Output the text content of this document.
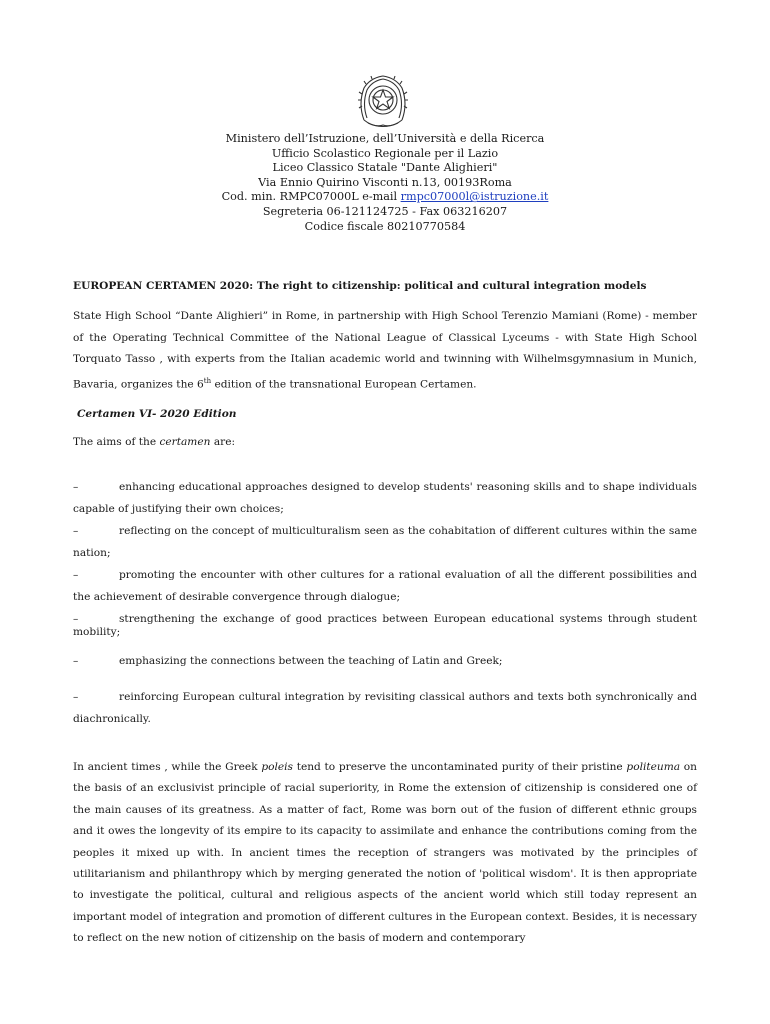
Ministero dell’Istruzione, dell’Università e della Ricerca
Ufficio Scolastico Regionale per il Lazio
Liceo Classico Statale "Dante Alighieri"
Via Ennio Quirino Visconti n.13, 00193Roma
Cod. min. RMPC07000L e-mail rmpc07000l@istruzione.it
Segreteria 06-121124725 - Fax 063216207
Codice fiscale 80210770584
EUROPEAN CERTAMEN 2020: The right to citizenship: political and cultural integration models
State High School “Dante Alighieri” in Rome, in partnership with High School Terenzio Mamiani (Rome) - member of the Operating Technical Committee of the National League of Classical Lyceums - with State High School Torquato Tasso , with experts from the Italian academic world and twinning with Wilhelmsgymnasium in Munich, Bavaria, organizes the 6th edition of the transnational European Certamen.
Certamen VI- 2020 Edition
The aims of the certamen are:
–	enhancing educational approaches designed to develop students' reasoning skills and to shape individuals capable of justifying their own choices;
–	reflecting on the concept of multiculturalism seen as the cohabitation of different cultures within the same nation;
–	promoting the encounter with other cultures for a rational evaluation of all the different possibilities and the achievement of desirable convergence through dialogue;
–	strengthening the exchange of good practices between European educational systems through student mobility;
–	emphasizing the connections between the teaching of Latin and Greek;
–	reinforcing European cultural integration by revisiting classical authors and texts both synchronically and diachronically.
In ancient times , while the Greek poleis tend to preserve the uncontaminated purity of their pristine politeuma on the basis of an exclusivist principle of racial superiority, in Rome the extension of citizenship is considered one of the main causes of its greatness. As a matter of fact, Rome was born out of the fusion of different ethnic groups and it owes the longevity of its empire to its capacity to assimilate and enhance the contributions coming from the peoples it mixed up with. In ancient times the reception of strangers was motivated by the principles of utilitarianism and philanthropy which by merging generated the notion of 'political wisdom'. It is then appropriate to investigate the political, cultural and religious aspects of the ancient world which still today represent an important model of integration and promotion of different cultures in the European context. Besides, it is necessary to reflect on the new notion of citizenship on the basis of modern and contemporary
